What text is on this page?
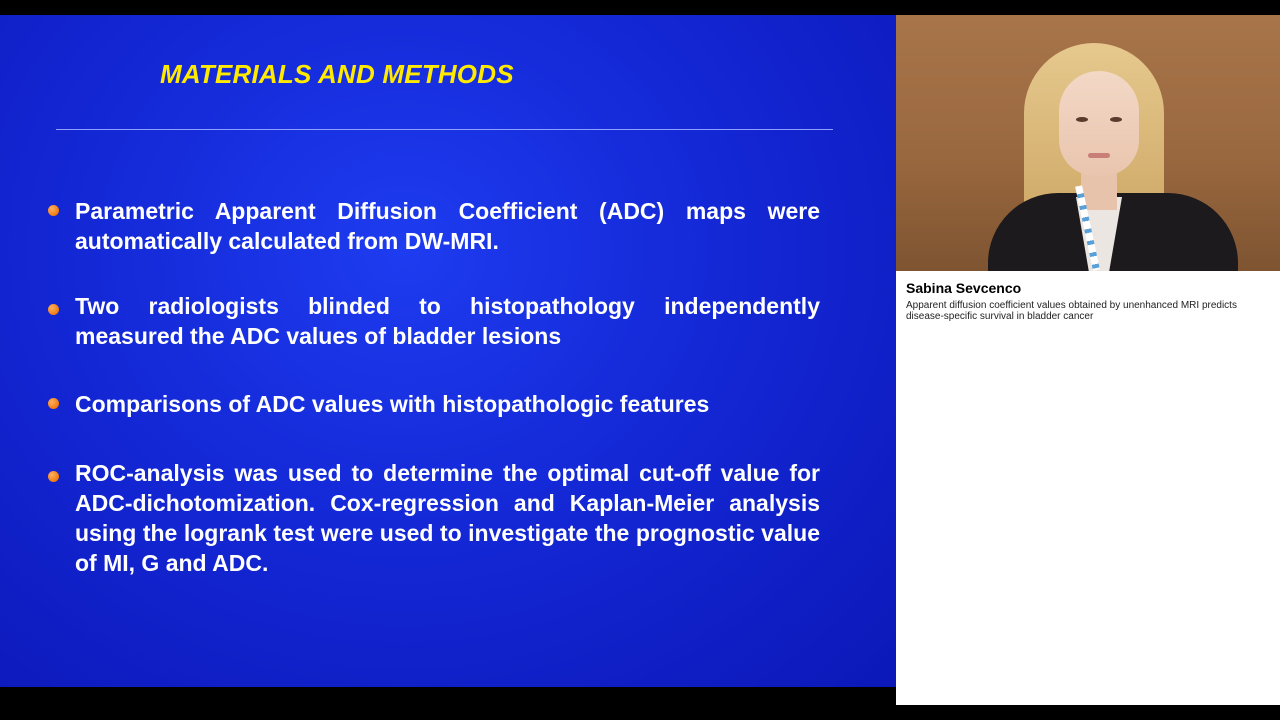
MATERIALS AND METHODS
Parametric Apparent Diffusion Coefficient (ADC) maps were automatically calculated from DW-MRI.
Two radiologists blinded to histopathology independently measured the ADC values of bladder lesions
Comparisons of ADC values with histopathologic features
ROC-analysis was used to determine the optimal cut-off value for ADC-dichotomization. Cox-regression and Kaplan-Meier analysis using the logrank test were used to investigate the prognostic value of MI, G and ADC.
Sabina Sevcenco
Apparent diffusion coefficient values obtained by unenhanced MRI predicts disease-specific survival in bladder cancer
